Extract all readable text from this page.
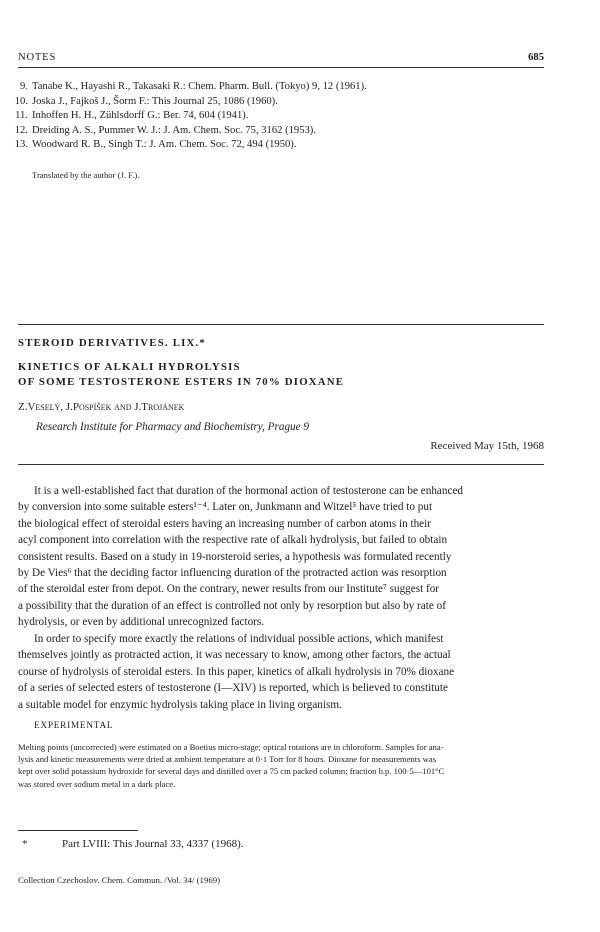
NOTES	685
9. Tanabe K., Hayashi R., Takasaki R.: Chem. Pharm. Bull. (Tokyo) 9, 12 (1961).
10. Joska J., Fajkoš J., Šorm F.: This Journal 25, 1086 (1960).
11. Inhoffen H. H., Zühlsdorff G.: Ber. 74, 604 (1941).
12. Dreiding A. S., Pummer W. J.: J. Am. Chem. Soc. 75, 3162 (1953).
13. Woodward R. B., Singh T.: J. Am. Chem. Soc. 72, 494 (1950).
Translated by the author (J. F.).
STEROID DERIVATIVES. LIX.*
KINETICS OF ALKALI HYDROLYSIS
OF SOME TESTOSTERONE ESTERS IN 70% DIOXANE
Z.Veselý, J.Pospíšek and J.Trojánek
Research Institute for Pharmacy and Biochemistry, Prague 9
Received May 15th, 1968
It is a well-established fact that duration of the hormonal action of testosterone can be enhanced
by conversion into some suitable esters¹⁻⁴. Later on, Junkmann and Witzel⁵ have tried to put
the biological effect of steroidal esters having an increasing number of carbon atoms in their
acyl component into correlation with the respective rate of alkali hydrolysis, but failed to obtain
consistent results. Based on a study in 19-norsteroid series, a hypothesis was formulated recently
by De Vies⁶ that the deciding factor influencing duration of the protracted action was resorption
of the steroidal ester from depot. On the contrary, newer results from our Institute⁷ suggest for
a possibility that the duration of an effect is controlled not only by resorption but also by rate of
hydrolysis, or even by additional unrecognized factors.
In order to specify more exactly the relations of individual possible actions, which manifest
themselves jointly as protracted action, it was necessary to know, among other factors, the actual
course of hydrolysis of steroidal esters. In this paper, kinetics of alkali hydrolysis in 70% dioxane
of a series of selected esters of testosterone (I—XIV) is reported, which is believed to constitute
a suitable model for enzymic hydrolysis taking place in living organism.
EXPERIMENTAL
Melting points (uncorrected) were estimated on a Boetius micro-stage; optical rotations are in chloroform. Samples for ana-
lysis and kinetic measurements were dried at ambient temperature at 0·1 Torr for 8 hours. Dioxane for measurements was
kept over solid potassium hydroxide for several days and distilled over a 75 cm packed column; fraction b.p. 100·5—101°C
was stored over sodium metal in a dark place.
*	Part LVIII: This Journal 33, 4337 (1968).
Collection Czechoslov. Chem. Commun. /Vol. 34/ (1969)
